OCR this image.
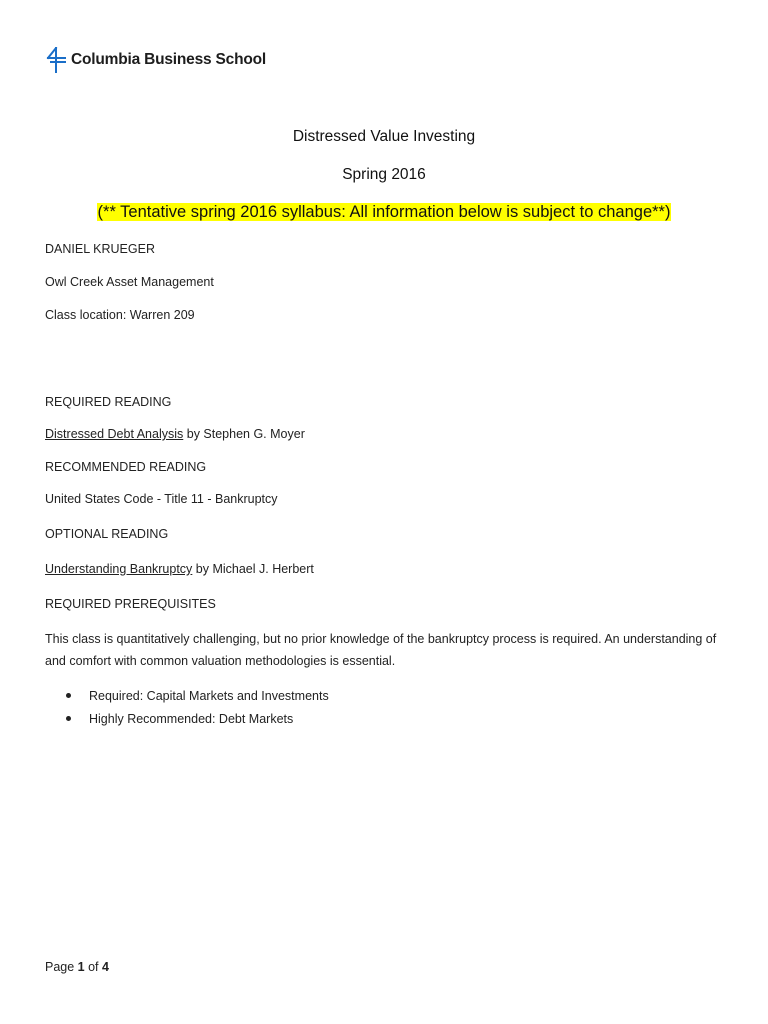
Columbia Business School
Distressed Value Investing
Spring 2016
(** Tentative spring 2016 syllabus: All information below is subject to change**)
DANIEL KRUEGER
Owl Creek Asset Management
Class location: Warren 209
REQUIRED READING
Distressed Debt Analysis by Stephen G. Moyer
RECOMMENDED READING
United States Code - Title 11 - Bankruptcy
OPTIONAL READING
Understanding Bankruptcy by Michael J. Herbert
REQUIRED PREREQUISITES
This class is quantitatively challenging, but no prior knowledge of the bankruptcy process is required. An understanding of and comfort with common valuation methodologies is essential.
Required: Capital Markets and Investments
Highly Recommended: Debt Markets
Page 1 of 4
